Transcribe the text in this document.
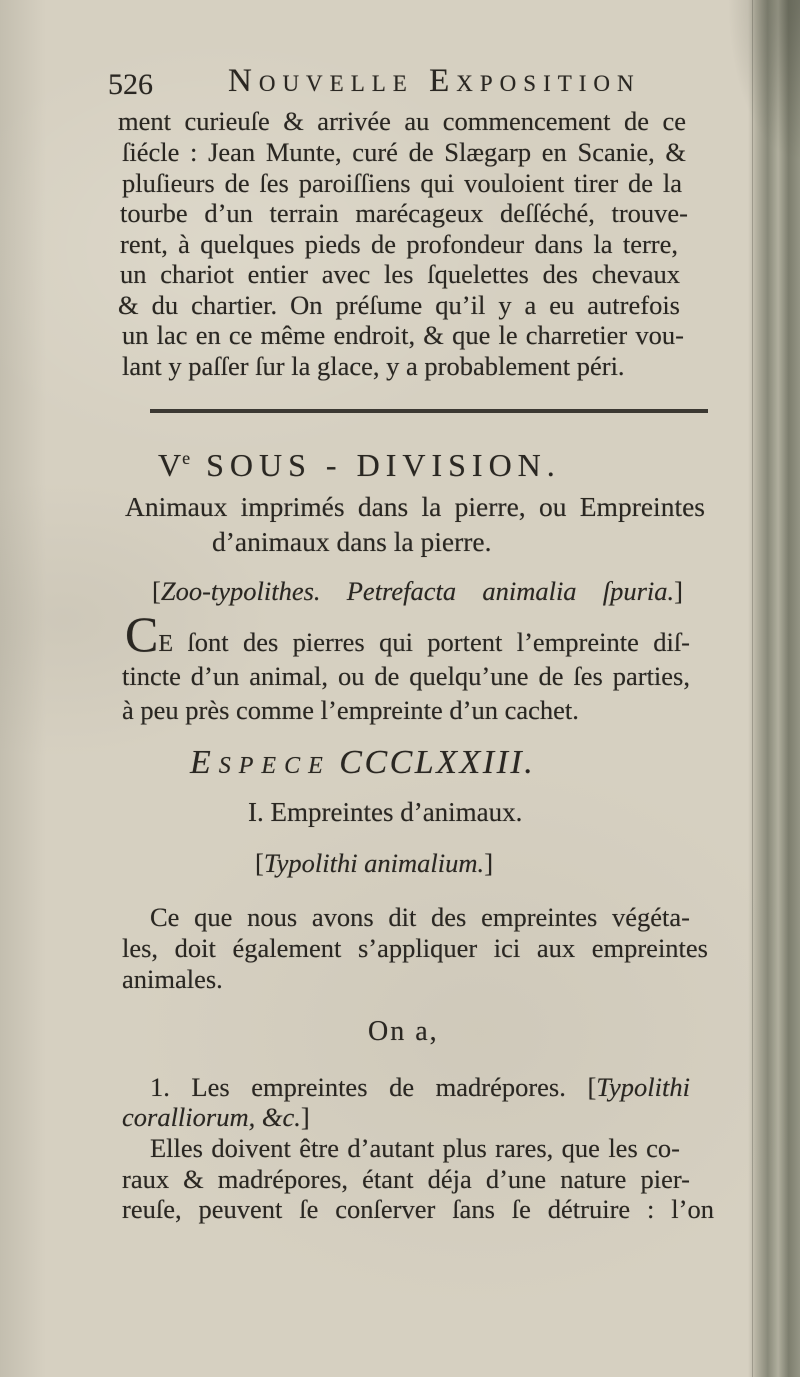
526 Nouvelle Exposition
ment curieuſe & arrivée au commencement de ce
ſiécle : Jean Munte, curé de Slægarp en Scanie, &
pluſieurs de ſes paroiſſiens qui vouloient tirer de la
tourbe d’un terrain marécageux deſſéché, trouve-
rent, à quelques pieds de profondeur dans la terre,
un chariot entier avec les ſquelettes des chevaux
& du chartier. On préſume qu’il y a eu autrefois
un lac en ce même endroit, & que le charretier vou-
lant y paſſer ſur la glace, y a probablement péri.
Ve SOUS - DIVISION.
Animaux imprimés dans la pierre, ou Empreintes
d’animaux dans la pierre.
[Zoo-typolithes. Petrefacta animalia ſpuria.]
CE ſont des pierres qui portent l’empreinte diſ-
tincte d’un animal, ou de quelqu’une de ſes parties,
à peu près comme l’empreinte d’un cachet.
Espece CCCLXXIII.
I. Empreintes d’animaux.
[Typolithi animalium.]
Ce que nous avons dit des empreintes végéta-
les, doit également s’appliquer ici aux empreintes
animales.
On a,
1. Les empreintes de madrépores. [Typolithi
coralliorum, &c.]
Elles doivent être d’autant plus rares, que les co-
raux & madrépores, étant déja d’une nature pier-
reuſe, peuvent ſe conſerver ſans ſe détruire : l’on
